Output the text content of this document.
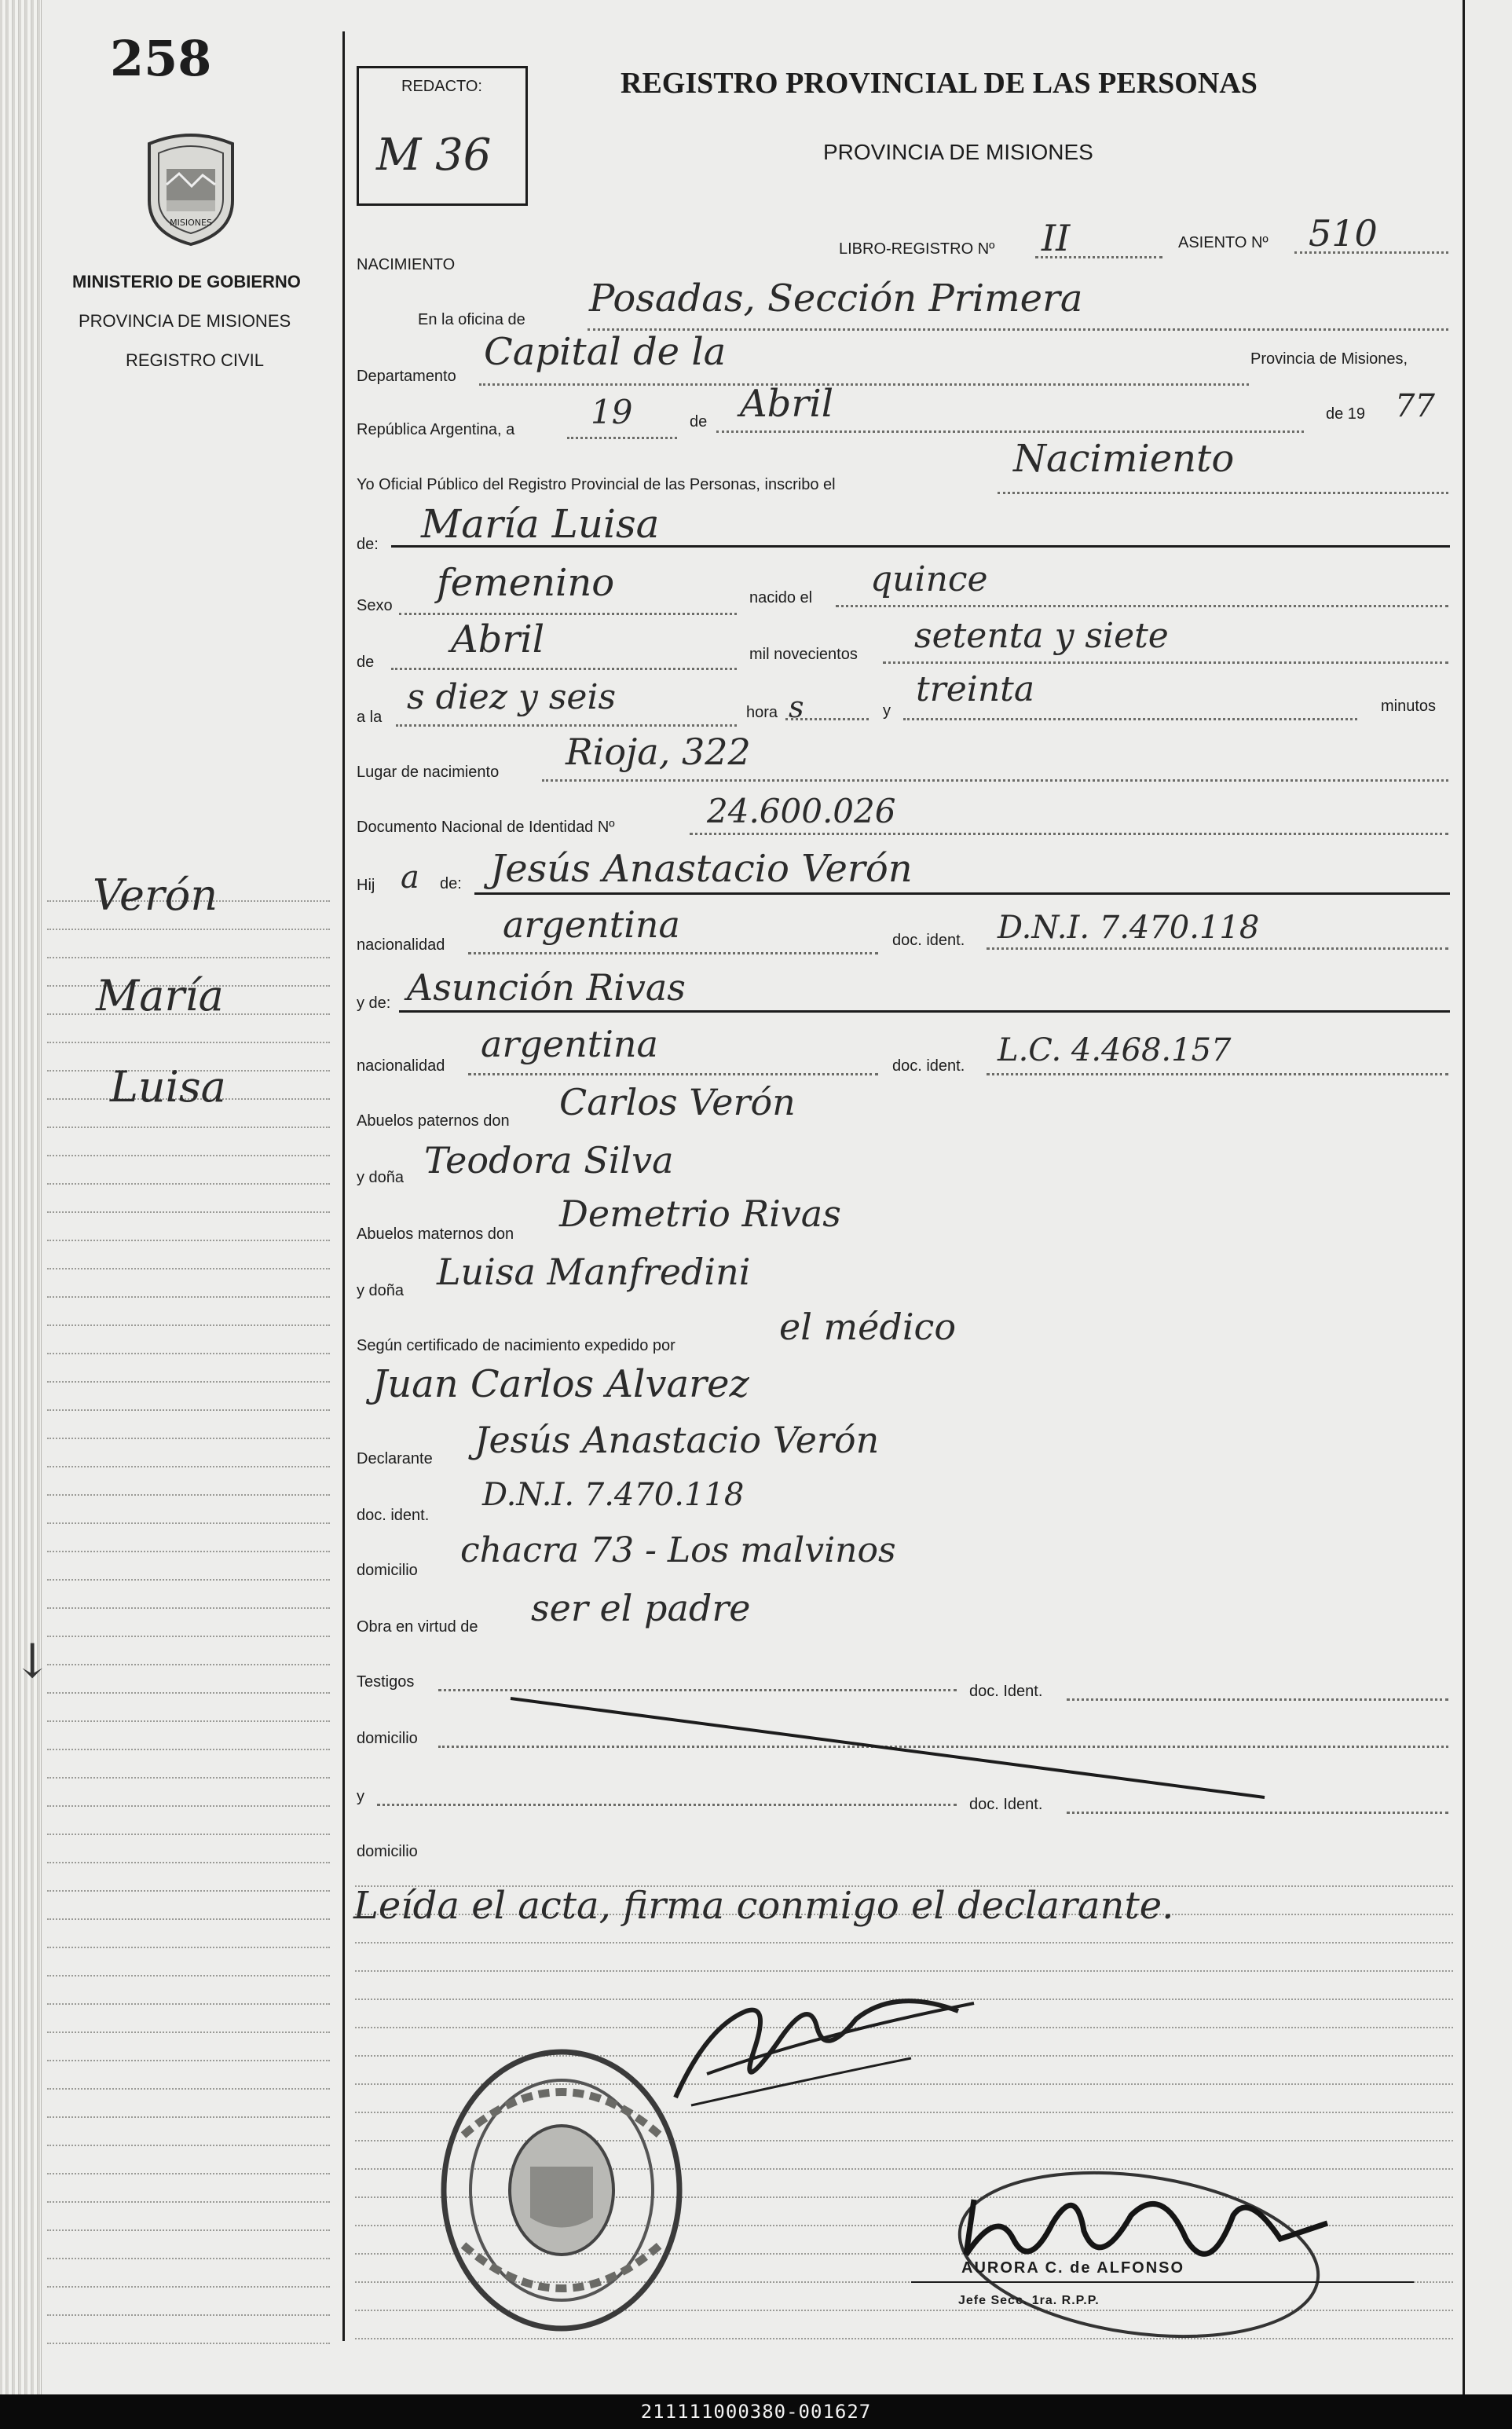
258
MISIONES
MINISTERIO DE GOBIERNO
PROVINCIA DE MISIONES
REGISTRO CIVIL
Verón
María
Luisa
REDACTO:
M 36
REGISTRO PROVINCIAL DE LAS PERSONAS
PROVINCIA DE MISIONES
NACIMIENTO
LIBRO-REGISTRO Nº II	ASIENTO Nº 510
En la oficina de Posadas, Sección Primera
Departamento
Capital de la	Provincia de Misiones,
República Argentina, a 19	de Abril	de 19 77
Yo Oficial Público del Registro Provincial de las Personas, inscribo el
Nacimiento
de: María Luisa
Sexo
femenino	nacido el quince
de
Abril	mil novecientos setenta y siete
a la s diez y seis	hora s	y
treinta	minutos
Lugar de nacimiento Rioja, 322
Documento Nacional de Identidad Nº	24.600.026
Hij a de: Jesús Anastacio Verón
nacionalidad argentina	doc. ident. D.N.I. 7.470.118
y de: Asunción Rivas
nacionalidad
argentina
doc. ident. L.C. 4.468.157
Abuelos paternos don Carlos Verón
y doña Teodora Silva
Abuelos maternos don Demetrio Rivas
y doña Luisa Manfredini
Según certificado de nacimiento expedido por	el médico
Juan Carlos Alvarez
Declarante Jesús Anastacio Verón
doc. ident.
D.N.I. 7.470.118
domicilio chacra 73 - Los malvinos
Obra en virtud de ser el padre
Testigos
doc. Ident.
domicilio
y	doc. Ident.
domicilio
Leída el acta, firma conmigo el declarante.
AURORA C. de ALFONSO
Jefe Secc. 1ra. R.P.P.
↓
211111000380-001627
